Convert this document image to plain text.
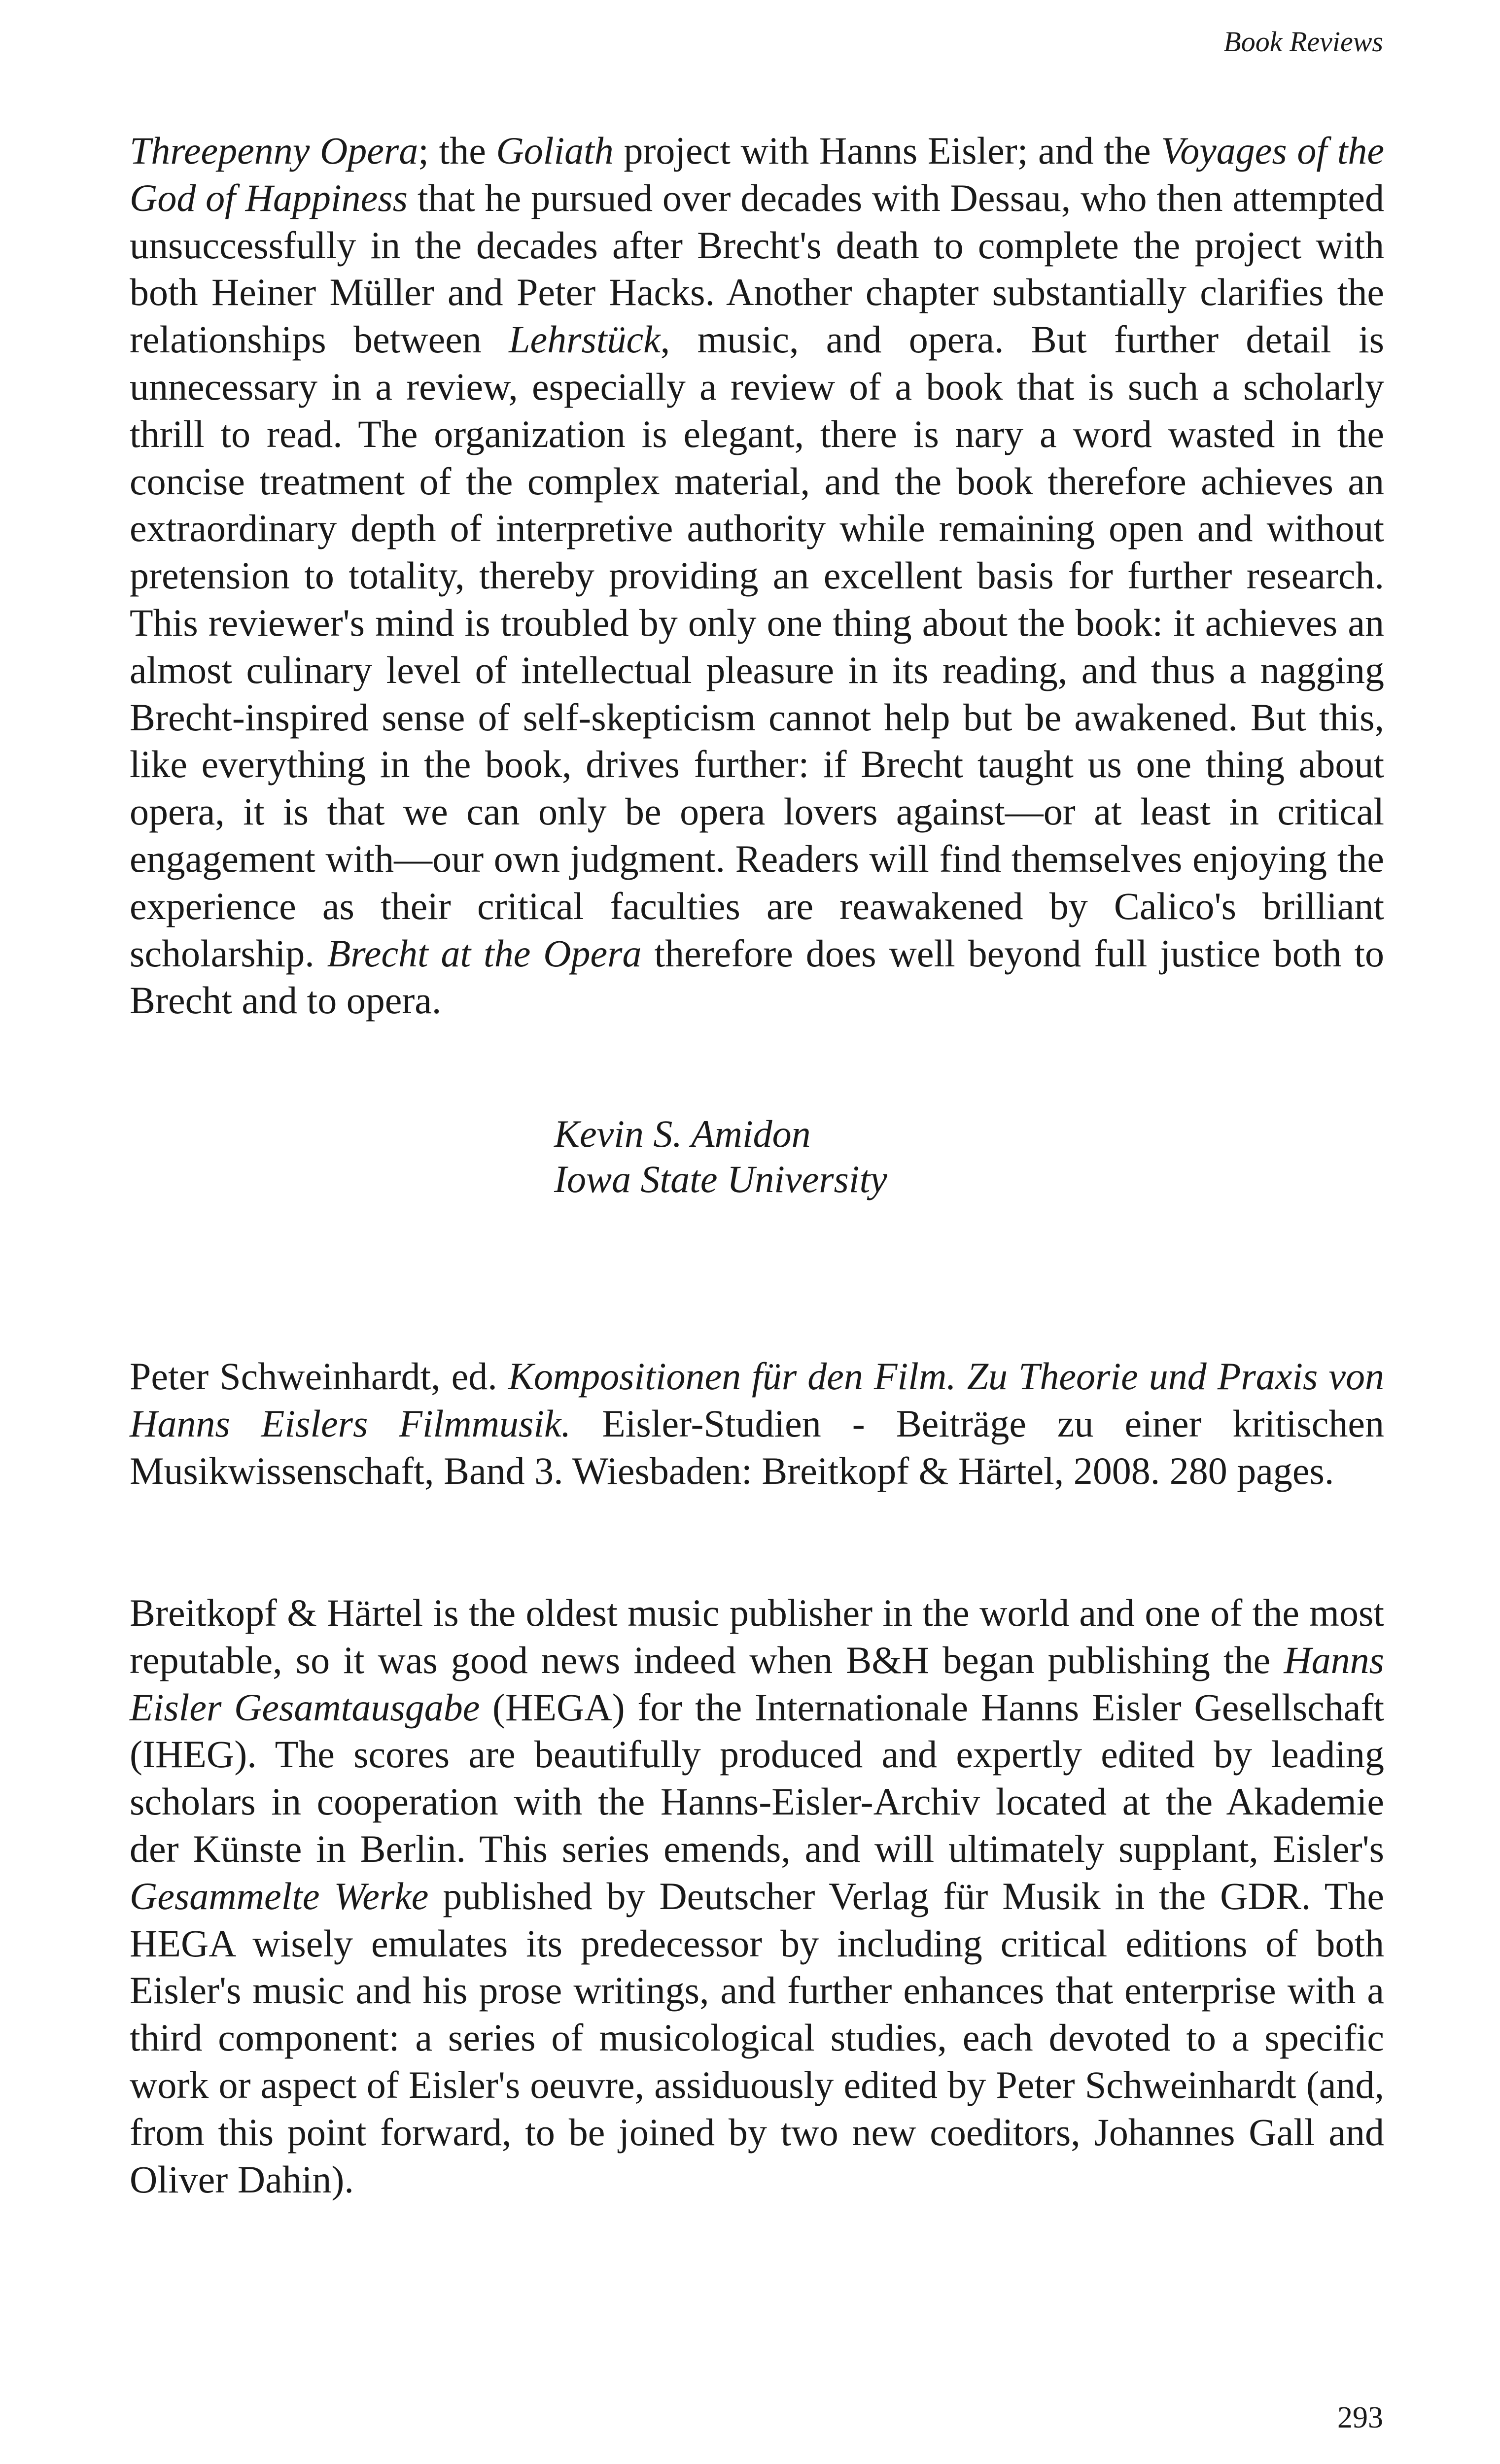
Book Reviews

Threepenny Opera; the Goliath project with Hanns Eisler; and the Voyages of the God of Happiness that he pursued over decades with Dessau, who then attempted unsuccessfully in the decades after Brecht's death to complete the project with both Heiner Müller and Peter Hacks. Another chapter substantially clarifies the relationships between Lehrstück, music, and opera. But further detail is unnecessary in a review, especially a review of a book that is such a scholarly thrill to read. The organization is elegant, there is nary a word wasted in the concise treatment of the complex material, and the book therefore achieves an extraordinary depth of interpretive authority while remaining open and without pretension to totality, thereby providing an excellent basis for further research. This reviewer's mind is troubled by only one thing about the book: it achieves an almost culinary level of intellectual pleasure in its reading, and thus a nagging Brecht-inspired sense of self-skepticism cannot help but be awakened. But this, like everything in the book, drives further: if Brecht taught us one thing about opera, it is that we can only be opera lovers against—or at least in critical engagement with—our own judgment. Readers will find themselves enjoying the experience as their critical faculties are reawakened by Calico's brilliant scholarship. Brecht at the Opera therefore does well beyond full justice both to Brecht and to opera.

Kevin S. Amidon
Iowa State University

Peter Schweinhardt, ed. Kompositionen für den Film. Zu Theorie und Praxis von Hanns Eislers Filmmusik. Eisler-Studien - Beiträge zu einer kritischen Musikwissenschaft, Band 3. Wiesbaden: Breitkopf & Härtel, 2008. 280 pages.

Breitkopf & Härtel is the oldest music publisher in the world and one of the most reputable, so it was good news indeed when B&H began publishing the Hanns Eisler Gesamtausgabe (HEGA) for the Internationale Hanns Eisler Gesellschaft (IHEG). The scores are beautifully produced and expertly edited by leading scholars in cooperation with the Hanns-Eisler-Archiv located at the Akademie der Künste in Berlin. This series emends, and will ultimately supplant, Eisler's Gesammelte Werke published by Deutscher Verlag für Musik in the GDR. The HEGA wisely emulates its predecessor by including critical editions of both Eisler's music and his prose writings, and further enhances that enterprise with a third component: a series of musicological studies, each devoted to a specific work or aspect of Eisler's oeuvre, assiduously edited by Peter Schweinhardt (and, from this point forward, to be joined by two new coeditors, Johannes Gall and Oliver Dahin).

293
